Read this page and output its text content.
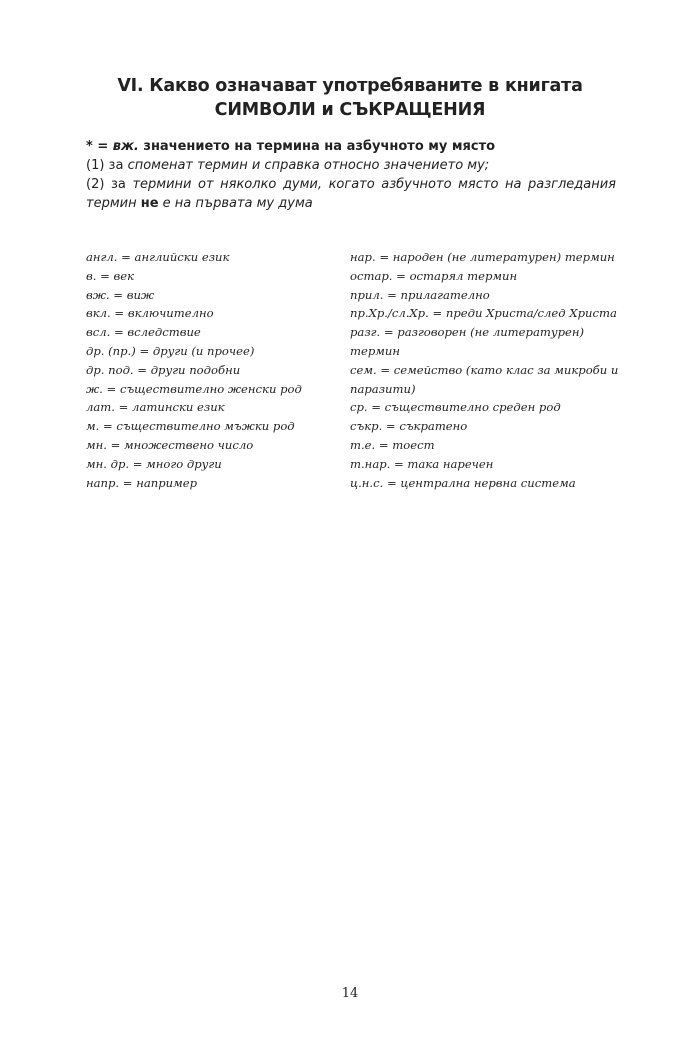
VI. Какво означават употребяваните в книгата
СИМВОЛИ и СЪКРАЩЕНИЯ
* = вж. значението на термина на азбучното му място
(1) за споменат термин и справка относно значението му;
(2) за термини от няколко думи, когато азбучното място на разгледания
термин не е на първата му дума
англ. = английски език
в. = век
вж. = виж
вкл. = включително
всл. = вследствие
др. (пр.) = други (и прочее)
др. под. = други подобни
ж. = съществително женски род
лат. = латински език
м. = съществително мъжки род
мн. = множествено число
мн. др. = много други
напр. = например
нар. = народен (не литературен) термин
остар. = остарял термин
прил. = прилагателно
пр.Хр./сл.Хр. = преди Христа/след Христа
разг. = разговорен (не литературен)
термин
сем. = семейство (като клас за микроби и
паразити)
ср. = съществително среден род
съкр. = съкратено
т.е. = тоест
т.нар. = така наречен
ц.н.с. = централна нервна система
14
